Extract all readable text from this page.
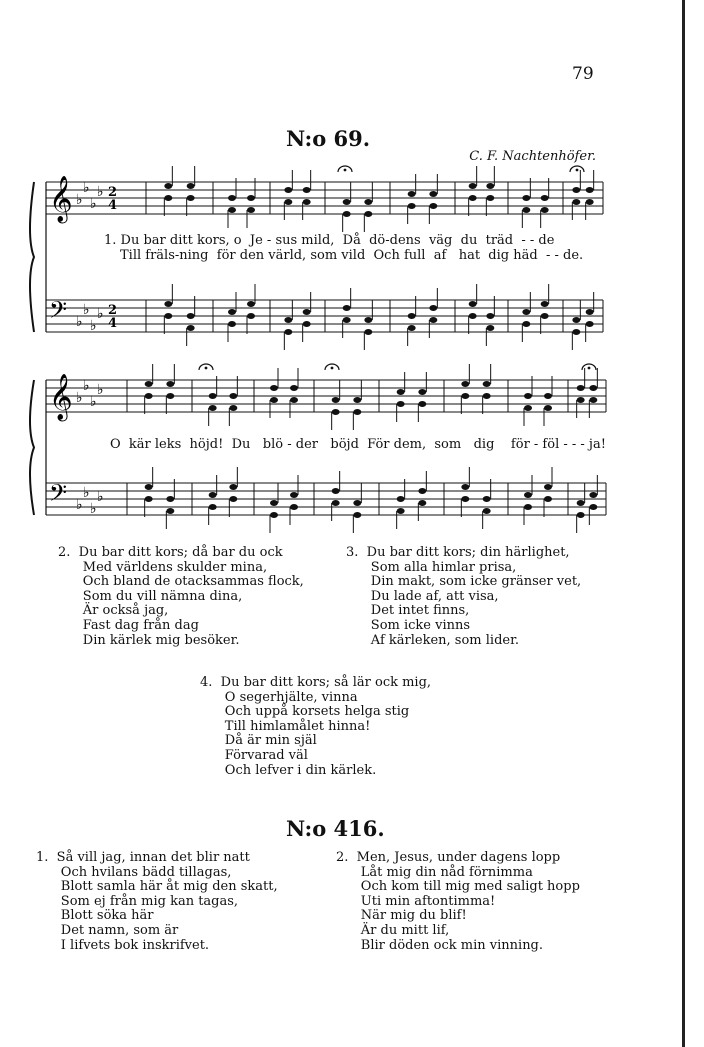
79
N:o 69.
C. F. Nachtenhöfer.
𝄞
𝄢
♭
♭
♭
♭
♭
♭
♭
♭
𝄞
𝄢
♭
♭
♭
♭
♭
♭
♭
♭
2
4
2
4
1. Du bar ditt kors, o  Je - sus mild,  Då  dö-dens  väg  du  träd  - - de
Till fräls-ning  för den värld, som vild  Och full  af   hat  dig häd  - - de.
O  kär leks  höjd!  Du   blö - der   böjd  För dem,  som   dig    för - föl - - - ja!
2.  Du bar ditt kors; då bar du ock
Med världens skulder mina,
Och bland de otacksammas flock,
Som du vill nämna dina,
Är också jag,
Fast dag från dag
Din kärlek mig besöker.
3.  Du bar ditt kors; din härlighet,
Som alla himlar prisa,
Din makt, som icke gränser vet,
Du lade af, att visa,
Det intet finns,
Som icke vinns
Af kärleken, som lider.
4.  Du bar ditt kors; så lär ock mig,
O segerhjälte, vinna
Och uppå korsets helga stig
Till himlamålet hinna!
Då är min själ
Förvarad väl
Och lefver i din kärlek.
N:o 416.
1.  Så vill jag, innan det blir natt
Och hvilans bädd tillagas,
Blott samla här åt mig den skatt,
Som ej från mig kan tagas,
Blott söka här
Det namn, som är
I lifvets bok inskrifvet.
2.  Men, Jesus, under dagens lopp
Låt mig din nåd förnimma
Och kom till mig med saligt hopp
Uti min aftontimma!
När mig du blif!
Är du mitt lif,
Blir döden ock min vinning.
